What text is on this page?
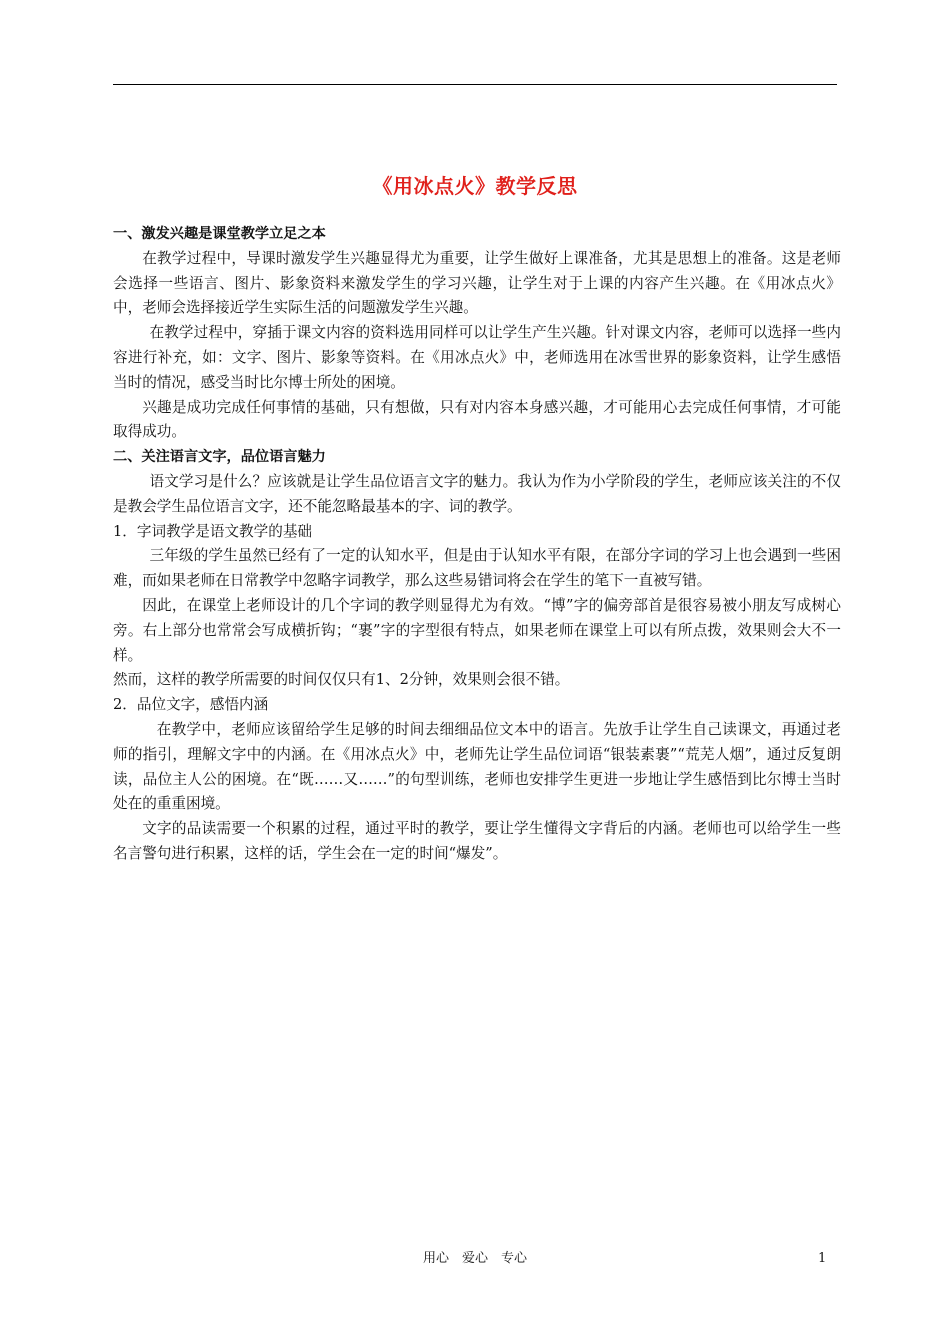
《用冰点火》教学反思

一、激发兴趣是课堂教学立足之本

在教学过程中，导课时激发学生兴趣显得尤为重要，让学生做好上课准备，尤其是思想上的准备。这是老师会选择一些语言、图片、影象资料来激发学生的学习兴趣，让学生对于上课的内容产生兴趣。在《用冰点火》中，老师会选择接近学生实际生活的问题激发学生兴趣。

在教学过程中，穿插于课文内容的资料选用同样可以让学生产生兴趣。针对课文内容，老师可以选择一些内容进行补充，如：文字、图片、影象等资料。在《用冰点火》中，老师选用在冰雪世界的影象资料，让学生感悟当时的情况，感受当时比尔博士所处的困境。

兴趣是成功完成任何事情的基础，只有想做，只有对内容本身感兴趣，才可能用心去完成任何事情，才可能取得成功。

二、关注语言文字，品位语言魅力

语文学习是什么？应该就是让学生品位语言文字的魅力。我认为作为小学阶段的学生，老师应该关注的不仅是教会学生品位语言文字，还不能忽略最基本的字、词的教学。

1．字词教学是语文教学的基础

三年级的学生虽然已经有了一定的认知水平，但是由于认知水平有限，在部分字词的学习上也会遇到一些困难，而如果老师在日常教学中忽略字词教学，那么这些易错词将会在学生的笔下一直被写错。

因此，在课堂上老师设计的几个字词的教学则显得尤为有效。“博”字的偏旁部首是很容易被小朋友写成树心旁。右上部分也常常会写成横折钩；“裹”字的字型很有特点，如果老师在课堂上可以有所点拨，效果则会大不一样。

然而，这样的教学所需要的时间仅仅只有1、2分钟，效果则会很不错。

2．品位文字，感悟内涵

在教学中，老师应该留给学生足够的时间去细细品位文本中的语言。先放手让学生自己读课文，再通过老师的指引，理解文字中的内涵。在《用冰点火》中，老师先让学生品位词语“银装素裹”“荒芜人烟”，通过反复朗读，品位主人公的困境。在“既……又……”的句型训练，老师也安排学生更进一步地让学生感悟到比尔博士当时处在的重重困境。

文字的品读需要一个积累的过程，通过平时的教学，要让学生懂得文字背后的内涵。老师也可以给学生一些名言警句进行积累，这样的话，学生会在一定的时间“爆发”。

用心　爱心　专心	1
